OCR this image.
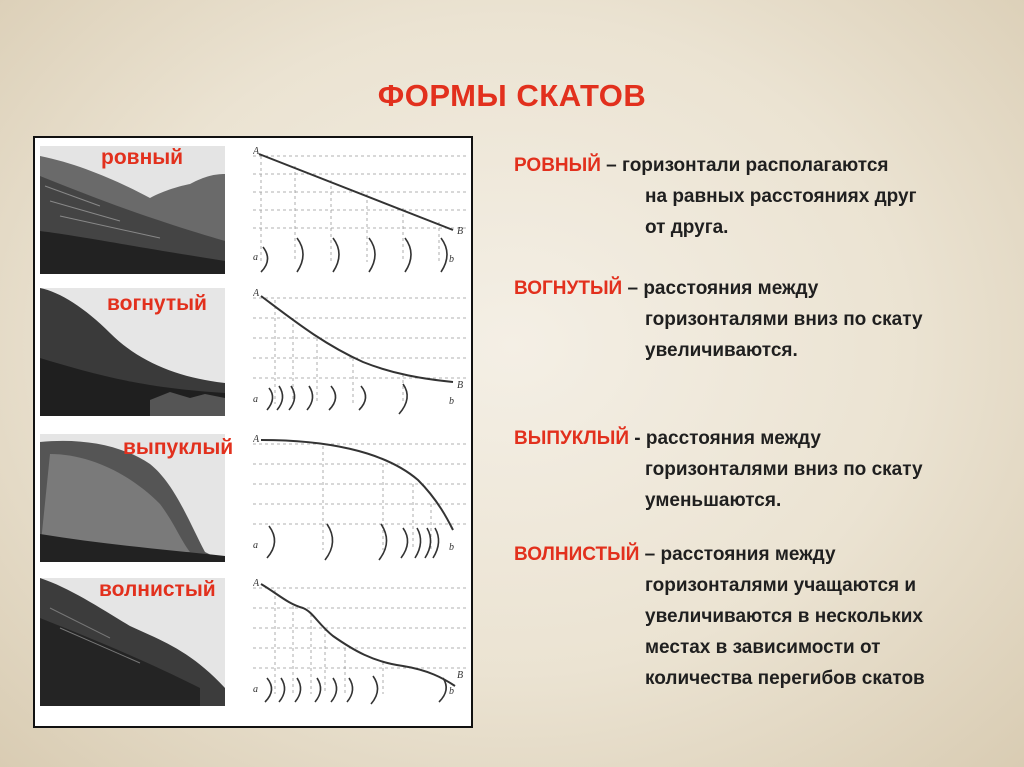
ФОРМЫ СКАТОВ
A
B
a	b
ровный
A
B
a	b
вогнутый
A
a	b
выпуклый
A
B
a	b
волнистый
РОВНЫЙ – горизонтали располагаются
на равных расстояниях друг
от друга.
ВОГНУТЫЙ – расстояния между
горизонталями вниз по скату
увеличиваются.
ВЫПУКЛЫЙ - расстояния между
горизонталями вниз по скату
уменьшаются.
ВОЛНИСТЫЙ – расстояния между
горизонталями учащаются и
увеличиваются в нескольких
местах в зависимости от
количества перегибов скатов
